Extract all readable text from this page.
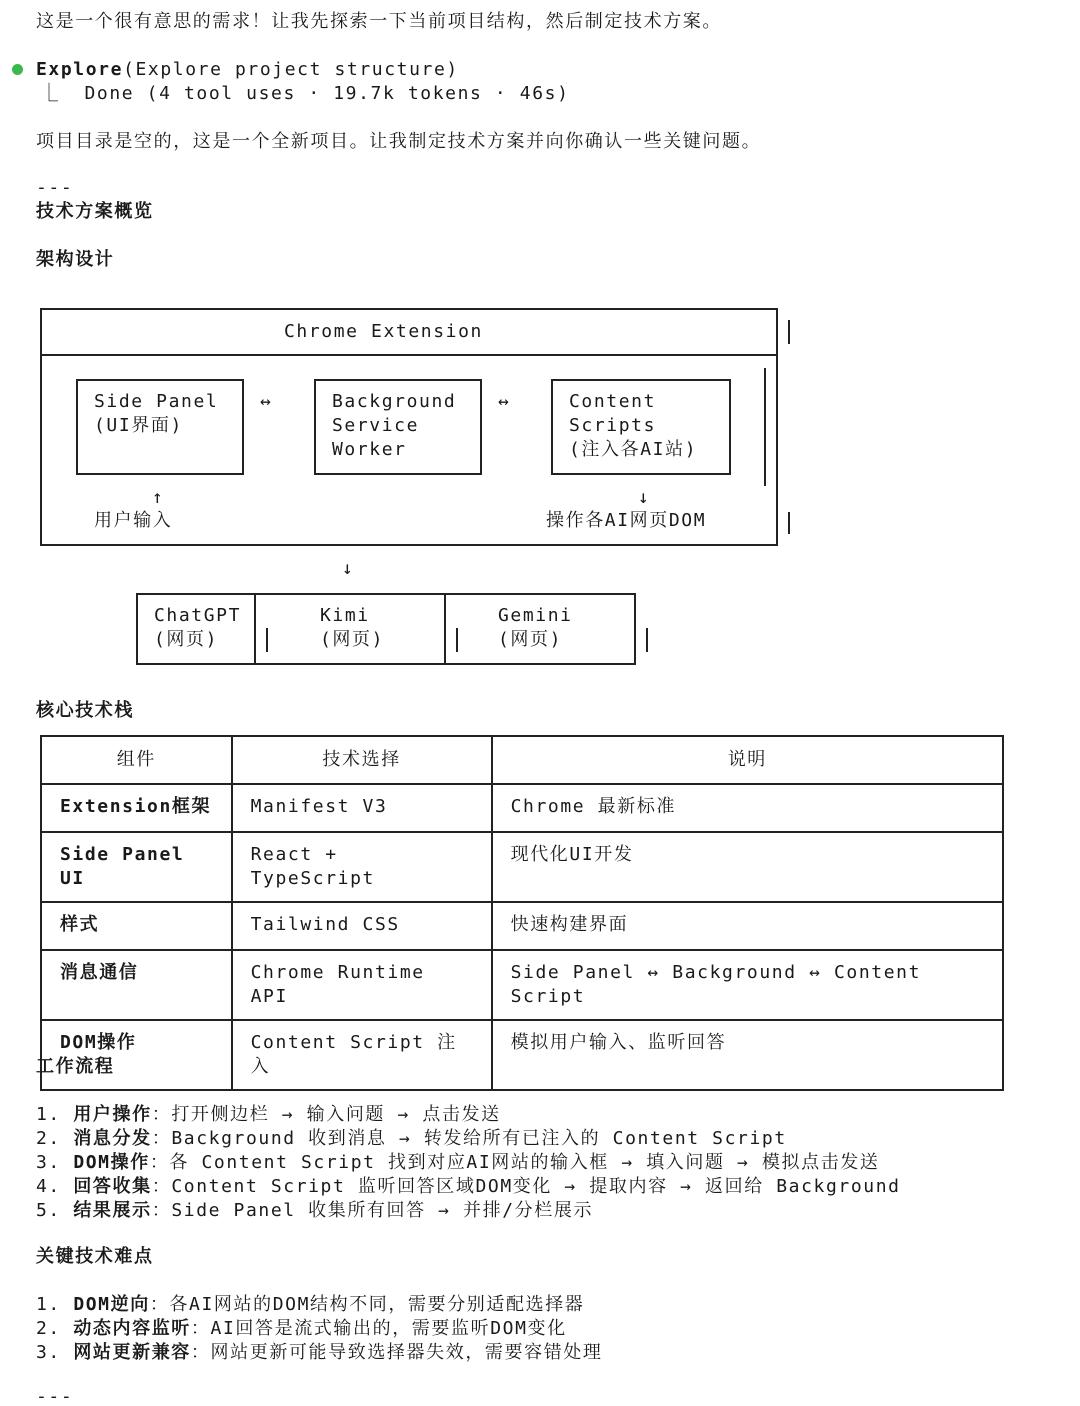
这是一个很有意思的需求！让我先探索一下当前项目结构，然后制定技术方案。
Explore(Explore project structure)
⎿ Done (4 tool uses · 19.7k tokens · 46s)
项目目录是空的，这是一个全新项目。让我制定技术方案并向你确认一些关键问题。
---
技术方案概览
架构设计
Chrome Extension
Side Panel
(UI界面)
↔	Background
Service
Worker
↔	Content
Scripts
(注入各AI站)
↑
用户输入
↓
操作各AI网页DOM
↓
ChatGPT
(网页)
Kimi
(网页)
Gemini
(网页)
核心技术栈
组件	技术选择	说明
Extension框架	Manifest V3	Chrome 最新标准
Side Panel UI	React + TypeScript	现代化UI开发
样式	Tailwind CSS	快速构建界面
消息通信	Chrome Runtime API	Side Panel ↔ Background ↔ Content
Script
DOM操作	Content Script 注入	模拟用户输入、监听回答
工作流程
1. 用户操作：打开侧边栏 → 输入问题 → 点击发送
2. 消息分发：Background 收到消息 → 转发给所有已注入的 Content Script
3. DOM操作：各 Content Script 找到对应AI网站的输入框 → 填入问题 → 模拟点击发送
4. 回答收集：Content Script 监听回答区域DOM变化 → 提取内容 → 返回给 Background
5. 结果展示：Side Panel 收集所有回答 → 并排/分栏展示
关键技术难点
1. DOM逆向：各AI网站的DOM结构不同，需要分别适配选择器
2. 动态内容监听：AI回答是流式输出的，需要监听DOM变化
3. 网站更新兼容：网站更新可能导致选择器失效，需要容错处理
---
